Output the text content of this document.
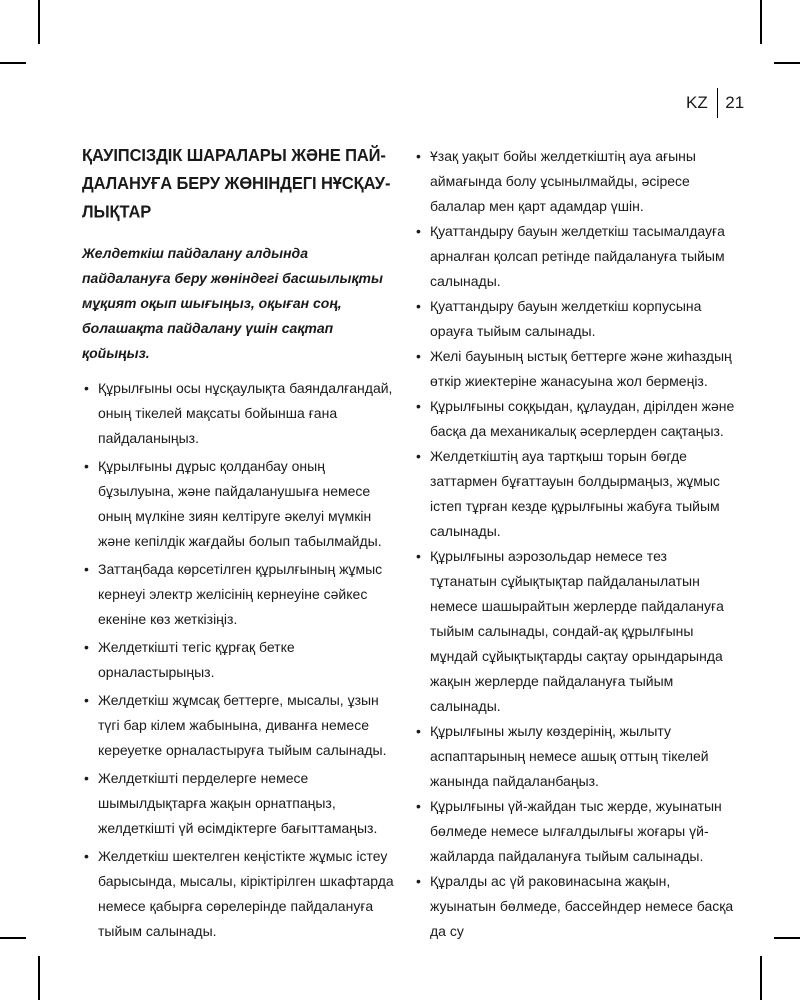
KZ 21
ҚАУІПСІЗДІК ШАРАЛАРЫ ЖӘНЕ ПАЙ-ДАЛАНУҒА БЕРУ ЖӨНІНДЕГІ НҰСҚАУ-ЛЫҚТАР

Желдеткіш пайдалану алдында пайдалануға беру жөніндегі басшылықты мұқият оқып шығыңыз, оқыған соң, болашақта пайдалану үшін сақтап қойыңыз.

• Құрылғыны осы нұсқаулықта баяндалғандай, оның тікелей мақсаты бойынша ғана пайдаланыңыз.
• Құрылғыны дұрыс қолданбау оның бұзылуына, және пайдаланушыға немесе оның мүлкіне зиян келтіруге әкелуі мүмкін және кепілдік жағдайы болып табылмайды.
• Заттаңбада көрсетілген құрылғының жұмыс кернеуі электр желісінің кернеуіне сәйкес екеніне көз жеткізіңіз.
• Желдеткішті тегіс құрғақ бетке орналастырыңыз.
• Желдеткіш жұмсақ беттерге, мысалы, ұзын түгі бар кілем жабынына, диванға немесе кереуетке орналастыруға тыйым салынады.
• Желдеткішті перделерге немесе шымылдықтарға жақын орнатпаңыз, желдеткішті үй өсімдіктерге бағыттамаңыз.
• Желдеткіш шектелген кеңістікте жұмыс істеу барысында, мысалы, кіріктірілген шкафтарда немесе қабырға сөрелерінде пайдалануға тыйым салынады.
• Ұзақ уақыт бойы желдеткіштің ауа ағыны аймағында болу ұсынылмайды, әсіресе балалар мен қарт адамдар үшін.
• Қуаттандыру бауын желдеткіш тасымалдауға арналған қолсап ретінде пайдалануға тыйым салынады.
• Қуаттандыру бауын желдеткіш корпусына орауға тыйым салынады.
• Желі бауының ыстық беттерге және жиһаздың өткір жиектеріне жанасуына жол бермеңіз.
• Құрылғыны соққыдан, құлаудан, дірілден және басқа да механикалық әсерлерден сақтаңыз.
• Желдеткіштің ауа тартқыш торын бөгде заттармен бұғаттауын болдырмаңыз, жұмыс істеп тұрған кезде құрылғыны жабуға тыйым салынады.
• Құрылғыны аэрозольдар немесе тез тұтанатын сұйықтықтар пайдаланылатын немесе шашырайтын жерлерде пайдалануға тыйым салынады, сондай-ақ құрылғыны мұндай сұйықтықтарды сақтау орындарында жақын жерлерде пайдалануға тыйым салынады.
• Құрылғыны жылу көздерінің, жылыту аспаптарының немесе ашық оттың тікелей жанында пайдаланбаңыз.
• Құрылғыны үй-жайдан тыс жерде, жуынатын бөлмеде немесе ылғалдылығы жоғары үй-жайларда пайдалануға тыйым салынады.
• Құралды ас үй раковинасына жақын, жуынатын бөлмеде, бассейндер немесе басқа да су
